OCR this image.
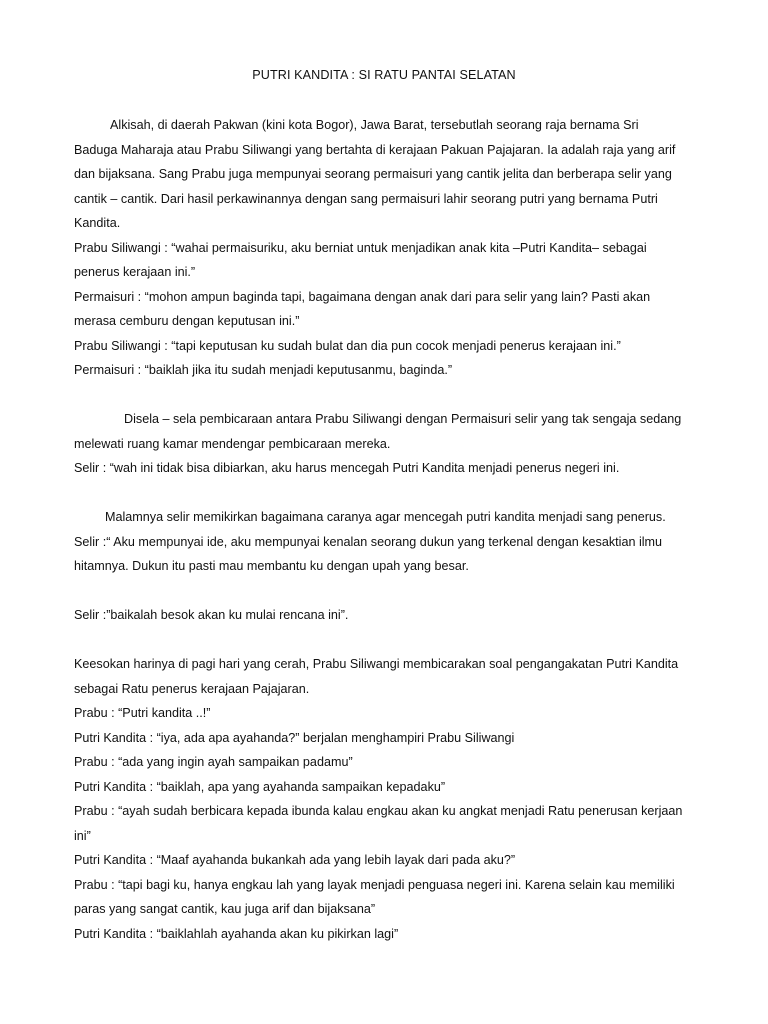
PUTRI KANDITA : SI RATU PANTAI SELATAN
Alkisah, di daerah Pakwan (kini kota Bogor), Jawa Barat, tersebutlah seorang raja bernama Sri
Baduga Maharaja atau Prabu Siliwangi yang bertahta di kerajaan Pakuan Pajajaran. Ia adalah raja yang arif
dan bijaksana. Sang Prabu juga mempunyai seorang permaisuri yang cantik jelita dan berberapa selir yang
cantik – cantik. Dari hasil perkawinannya dengan sang permaisuri lahir seorang putri yang bernama Putri
Kandita.
Prabu Siliwangi : “wahai permaisuriku, aku berniat untuk menjadikan anak kita –Putri Kandita– sebagai
penerus kerajaan ini.”
Permaisuri : “mohon ampun baginda tapi, bagaimana dengan anak dari para selir yang lain? Pasti akan
merasa cemburu dengan keputusan ini.”
Prabu Siliwangi : “tapi keputusan ku sudah bulat dan dia pun cocok menjadi penerus kerajaan ini.”
Permaisuri : “baiklah jika itu sudah menjadi keputusanmu, baginda.”
Disela – sela pembicaraan antara Prabu Siliwangi dengan Permaisuri selir yang tak sengaja sedang
melewati ruang kamar mendengar pembicaraan mereka.
Selir : “wah ini tidak bisa dibiarkan, aku harus mencegah Putri Kandita menjadi penerus negeri ini.
Malamnya selir memikirkan bagaimana caranya agar mencegah putri kandita menjadi sang penerus.
Selir :“ Aku mempunyai ide, aku mempunyai kenalan seorang dukun yang terkenal dengan kesaktian ilmu
hitamnya. Dukun itu pasti mau membantu ku dengan upah yang besar.
Selir :”baikalah besok akan ku mulai rencana ini”.
Keesokan harinya di pagi hari yang cerah, Prabu Siliwangi membicarakan soal pengangakatan Putri Kandita
sebagai Ratu penerus kerajaan Pajajaran.
Prabu : “Putri kandita ..!”
Putri Kandita : “iya, ada apa ayahanda?” berjalan menghampiri Prabu Siliwangi
Prabu : “ada yang ingin ayah sampaikan padamu”
Putri Kandita : “baiklah, apa yang ayahanda sampaikan kepadaku”
Prabu : “ayah sudah berbicara kepada ibunda kalau engkau akan ku angkat menjadi Ratu penerusan kerjaan
ini”
Putri Kandita : “Maaf ayahanda bukankah ada yang lebih layak dari pada aku?”
Prabu : “tapi bagi ku, hanya engkau lah yang layak menjadi penguasa negeri ini. Karena selain kau memiliki
paras yang sangat cantik, kau juga arif dan bijaksana”
Putri Kandita : “baiklahlah ayahanda akan ku pikirkan lagi”
